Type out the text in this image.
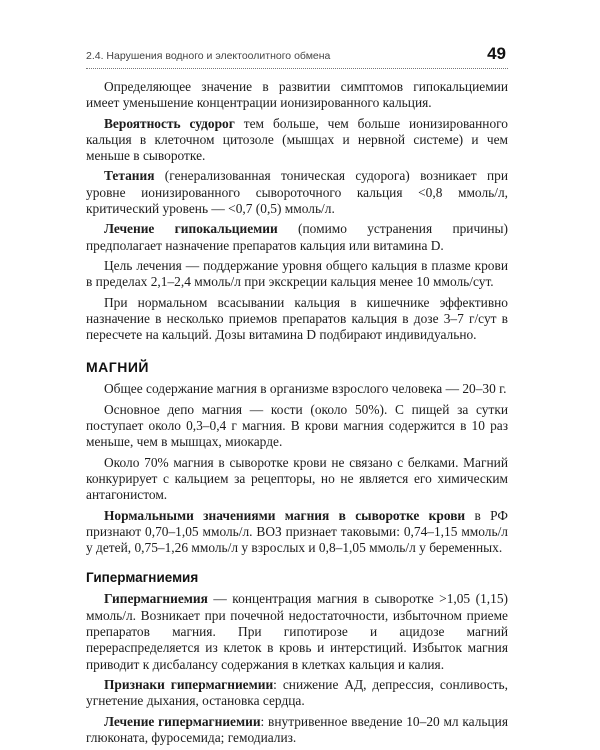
2.4. Нарушения водного и электоолитного обмена	49

Определяющее значение в развитии симптомов гипокальциемии имеет уменьшение концентрации ионизированного кальция.

Вероятность судорог тем больше, чем больше ионизированного кальция в клеточном цитозоле (мышцах и нервной системе) и чем меньше в сыворотке.

Тетания (генерализованная тоническая судорога) возникает при уровне ионизированного сывороточного кальция <0,8 ммоль/л, критический уровень — <0,7 (0,5) ммоль/л.

Лечение гипокальциемии (помимо устранения причины) предполагает назначение препаратов кальция или витамина D.

Цель лечения — поддержание уровня общего кальция в плазме крови в пределах 2,1–2,4 ммоль/л при экскреции кальция менее 10 ммоль/сут.

При нормальном всасывании кальция в кишечнике эффективно назначение в несколько приемов препаратов кальция в дозе 3–7 г/сут в пересчете на кальций. Дозы витамина D подбирают индивидуально.

МАГНИЙ

Общее содержание магния в организме взрослого человека — 20–30 г.

Основное депо магния — кости (около 50%). С пищей за сутки поступает около 0,3–0,4 г магния. В крови магния содержится в 10 раз меньше, чем в мышцах, миокарде.

Около 70% магния в сыворотке крови не связано с белками. Магний конкурирует с кальцием за рецепторы, но не является его химическим антагонистом.

Нормальными значениями магния в сыворотке крови в РФ признают 0,70–1,05 ммоль/л. ВОЗ признает таковыми: 0,74–1,15 ммоль/л у детей, 0,75–1,26 ммоль/л у взрослых и 0,8–1,05 ммоль/л у беременных.

Гипермагниемия

Гипермагниемия — концентрация магния в сыворотке >1,05 (1,15) ммоль/л. Возникает при почечной недостаточности, избыточном приеме препаратов магния. При гипотирозе и ацидозе магний перераспределяется из клеток в кровь и интерстиций. Избыток магния приводит к дисбалансу содержания в клетках кальция и калия.

Признаки гипермагниемии: снижение АД, депрессия, сонливость, угнетение дыхания, остановка сердца.

Лечение гипермагниемии: внутривенное введение 10–20 мл кальция глюконата, фуросемида; гемодиализ.
